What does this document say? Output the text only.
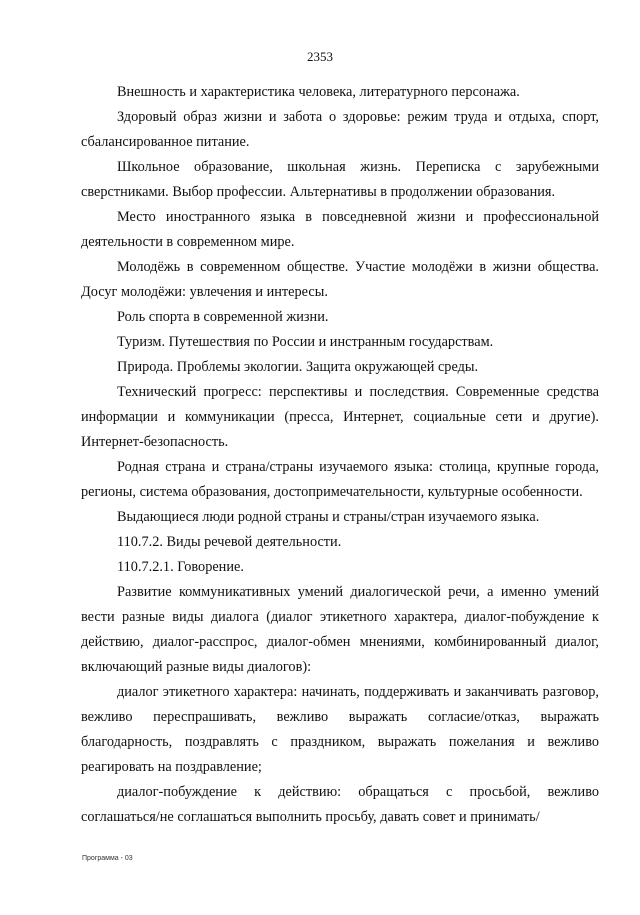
2353

Внешность и характеристика человека, литературного персонажа.

Здоровый образ жизни и забота о здоровье: режим труда и отдыха, спорт, сбалансированное питание.

Школьное образование, школьная жизнь. Переписка с зарубежными сверстниками. Выбор профессии. Альтернативы в продолжении образования.

Место иностранного языка в повседневной жизни и профессиональной деятельности в современном мире.

Молодёжь в современном обществе. Участие молодёжи в жизни общества. Досуг молодёжи: увлечения и интересы.

Роль спорта в современной жизни.

Туризм. Путешествия по России и инстранным государствам.

Природа. Проблемы экологии. Защита окружающей среды.

Технический прогресс: перспективы и последствия. Современные средства информации и коммуникации (пресса, Интернет, социальные сети и другие). Интернет-безопасность.

Родная страна и страна/страны изучаемого языка: столица, крупные города, регионы, система образования, достопримечательности, культурные особенности.

Выдающиеся люди родной страны и страны/стран изучаемого языка.

110.7.2. Виды речевой деятельности.

110.7.2.1. Говорение.

Развитие коммуникативных умений диалогической речи, а именно умений вести разные виды диалога (диалог этикетного характера, диалог-побуждение к действию, диалог-расспрос, диалог-обмен мнениями, комбинированный диалог, включающий разные виды диалогов):

диалог этикетного характера: начинать, поддерживать и заканчивать разговор, вежливо переспрашивать, вежливо выражать согласие/отказ, выражать благодарность, поздравлять с праздником, выражать пожелания и вежливо реагировать на поздравление;

диалог-побуждение к действию: обращаться с просьбой, вежливо соглашаться/не соглашаться выполнить просьбу, давать совет и принимать/

Программа - 03
